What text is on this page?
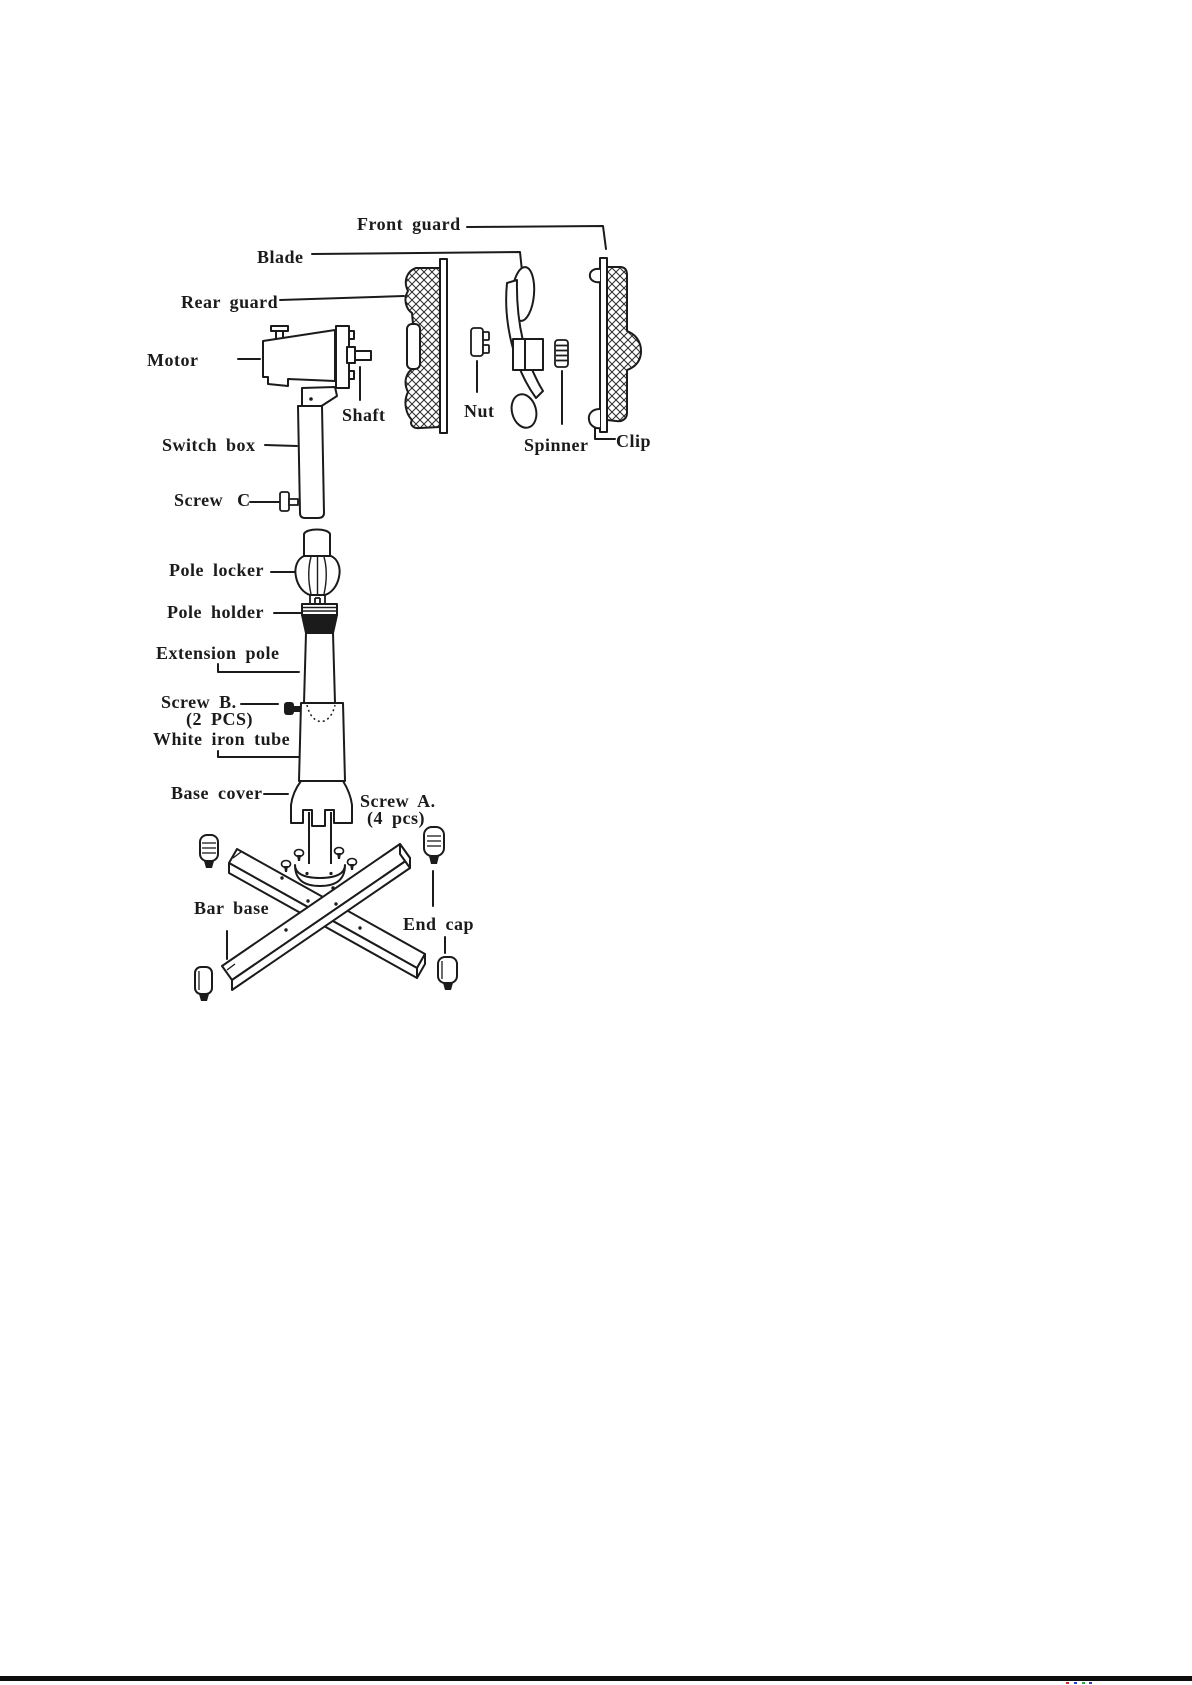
Front guard
Blade
Rear guard
Motor
Shaft
Switch box
Screw C
Nut
Spinner Clip
Pole locker
Pole holder
Extension pole
Screw B.
(2 PCS)
White iron tube
Base cover	Screw A.
(4 pcs)
Bar base
End cap
